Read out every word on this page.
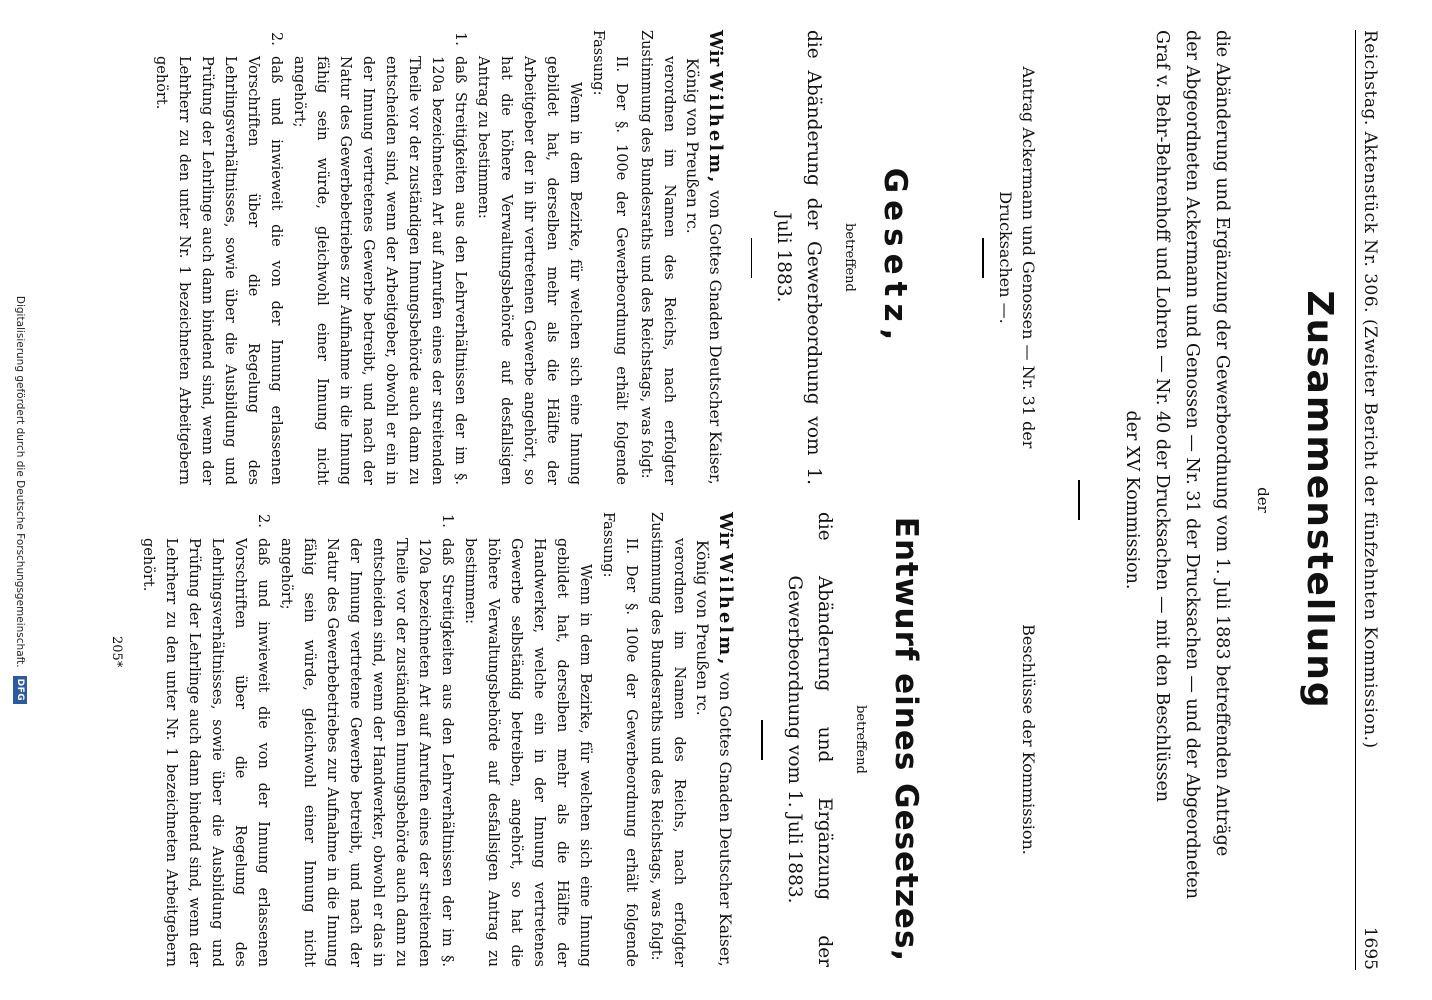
Reichstag. Aktenstück Nr. 306. (Zweiter Bericht der fünfzehnten Kommission.)
1695
Zusammenstellung
der
die Abänderung und Ergänzung der Gewerbeordnung vom 1. Juli 1883 betreffenden Anträge
der Abgeordneten Ackermann und Genossen — Nr. 31 der Drucksachen — und der Abgeordneten
Graf v. Behr-Behrenhoff und Lohren — Nr. 40 der Drucksachen — mit den Beschlüssen
der XV Kommission.
Antrag Ackermann und Genossen — Nr. 31 der Drucksachen —.
Gesetz,
betreffend
die Abänderung der Gewerbeordnung vom 1. Juli 1883.
Wir Wilhelm, von Gottes Gnaden Deutscher Kaiser,
König von Preußen rc.

verordnen im Namen des Reichs, nach erfolgter Zustimmung des Bundesraths und des Reichstags, was folgt:

II. Der §. 100e der Gewerbeordnung erhält folgende Fassung:

Wenn in dem Bezirke, für welchen sich eine Innung gebildet hat, derselben mehr als die Hälfte der Arbeitgeber der in ihr vertretenen Gewerbe angehört, so hat die höhere Verwaltungsbehörde auf desfallsigen Antrag zu bestimmen:

1.
daß Streitigkeiten aus den Lehrverhältnissen der im §. 120a bezeichneten Art auf Anrufen eines der streitenden Theile vor der zuständigen Innungsbehörde auch dann zu entscheiden sind, wenn der Arbeitgeber, obwohl er ein in der Innung vertretenes Gewerbe betreibt, und nach der Natur des Gewerbebetriebes zur Aufnahme in die Innung fähig sein würde, gleichwohl einer Innung nicht angehört;
2.
daß und inwieweit die von der Innung erlassenen Vorschriften über die Regelung des Lehrlingsverhältnisses, sowie über die Ausbildung und Prüfung der Lehrlinge auch dann bindend sind, wenn der Lehrherr zu den unter Nr. 1 bezeichneten Arbeitgebern gehört.
Beschlüsse der Kommission.
Entwurf eines Gesetzes,
betreffend
die Abänderung und Ergänzung der Gewerbeordnung vom 1. Juli 1883.
Wir Wilhelm, von Gottes Gnaden Deutscher Kaiser,
König von Preußen rc.

verordnen im Namen des Reichs, nach erfolgter Zustimmung des Bundesraths und des Reichstags, was folgt:

II. Der §. 100e der Gewerbeordnung erhält folgende Fassung:

Wenn in dem Bezirke, für welchen sich eine Innung gebildet hat, derselben mehr als die Hälfte der Handwerker, welche ein in der Innung vertretenes Gewerbe selbständig betreiben, angehört, so hat die höhere Verwaltungsbehörde auf desfallsigen Antrag zu bestimmen:

1.
daß Streitigkeiten aus den Lehrverhältnissen der im §. 120a bezeichneten Art auf Anrufen eines der streitenden Theile vor der zuständigen Innungsbehörde auch dann zu entscheiden sind, wenn der Handwerker, obwohl er das in der Innung vertretene Gewerbe betreibt, und nach der Natur des Gewerbebetriebes zur Aufnahme in die Innung fähig sein würde, gleichwohl einer Innung nicht angehört;
2.
daß und inwieweit die von der Innung erlassenen Vorschriften über die Regelung des Lehrlingsverhältnisses, sowie über die Ausbildung und Prüfung der Lehrlinge auch dann bindend sind, wenn der Lehrherr zu den unter Nr. 1 bezeichneten Arbeitgebern gehört.
205*
Digitalisierung gefördert durch die Deutsche Forschungsgemeinschaft.
DFG
